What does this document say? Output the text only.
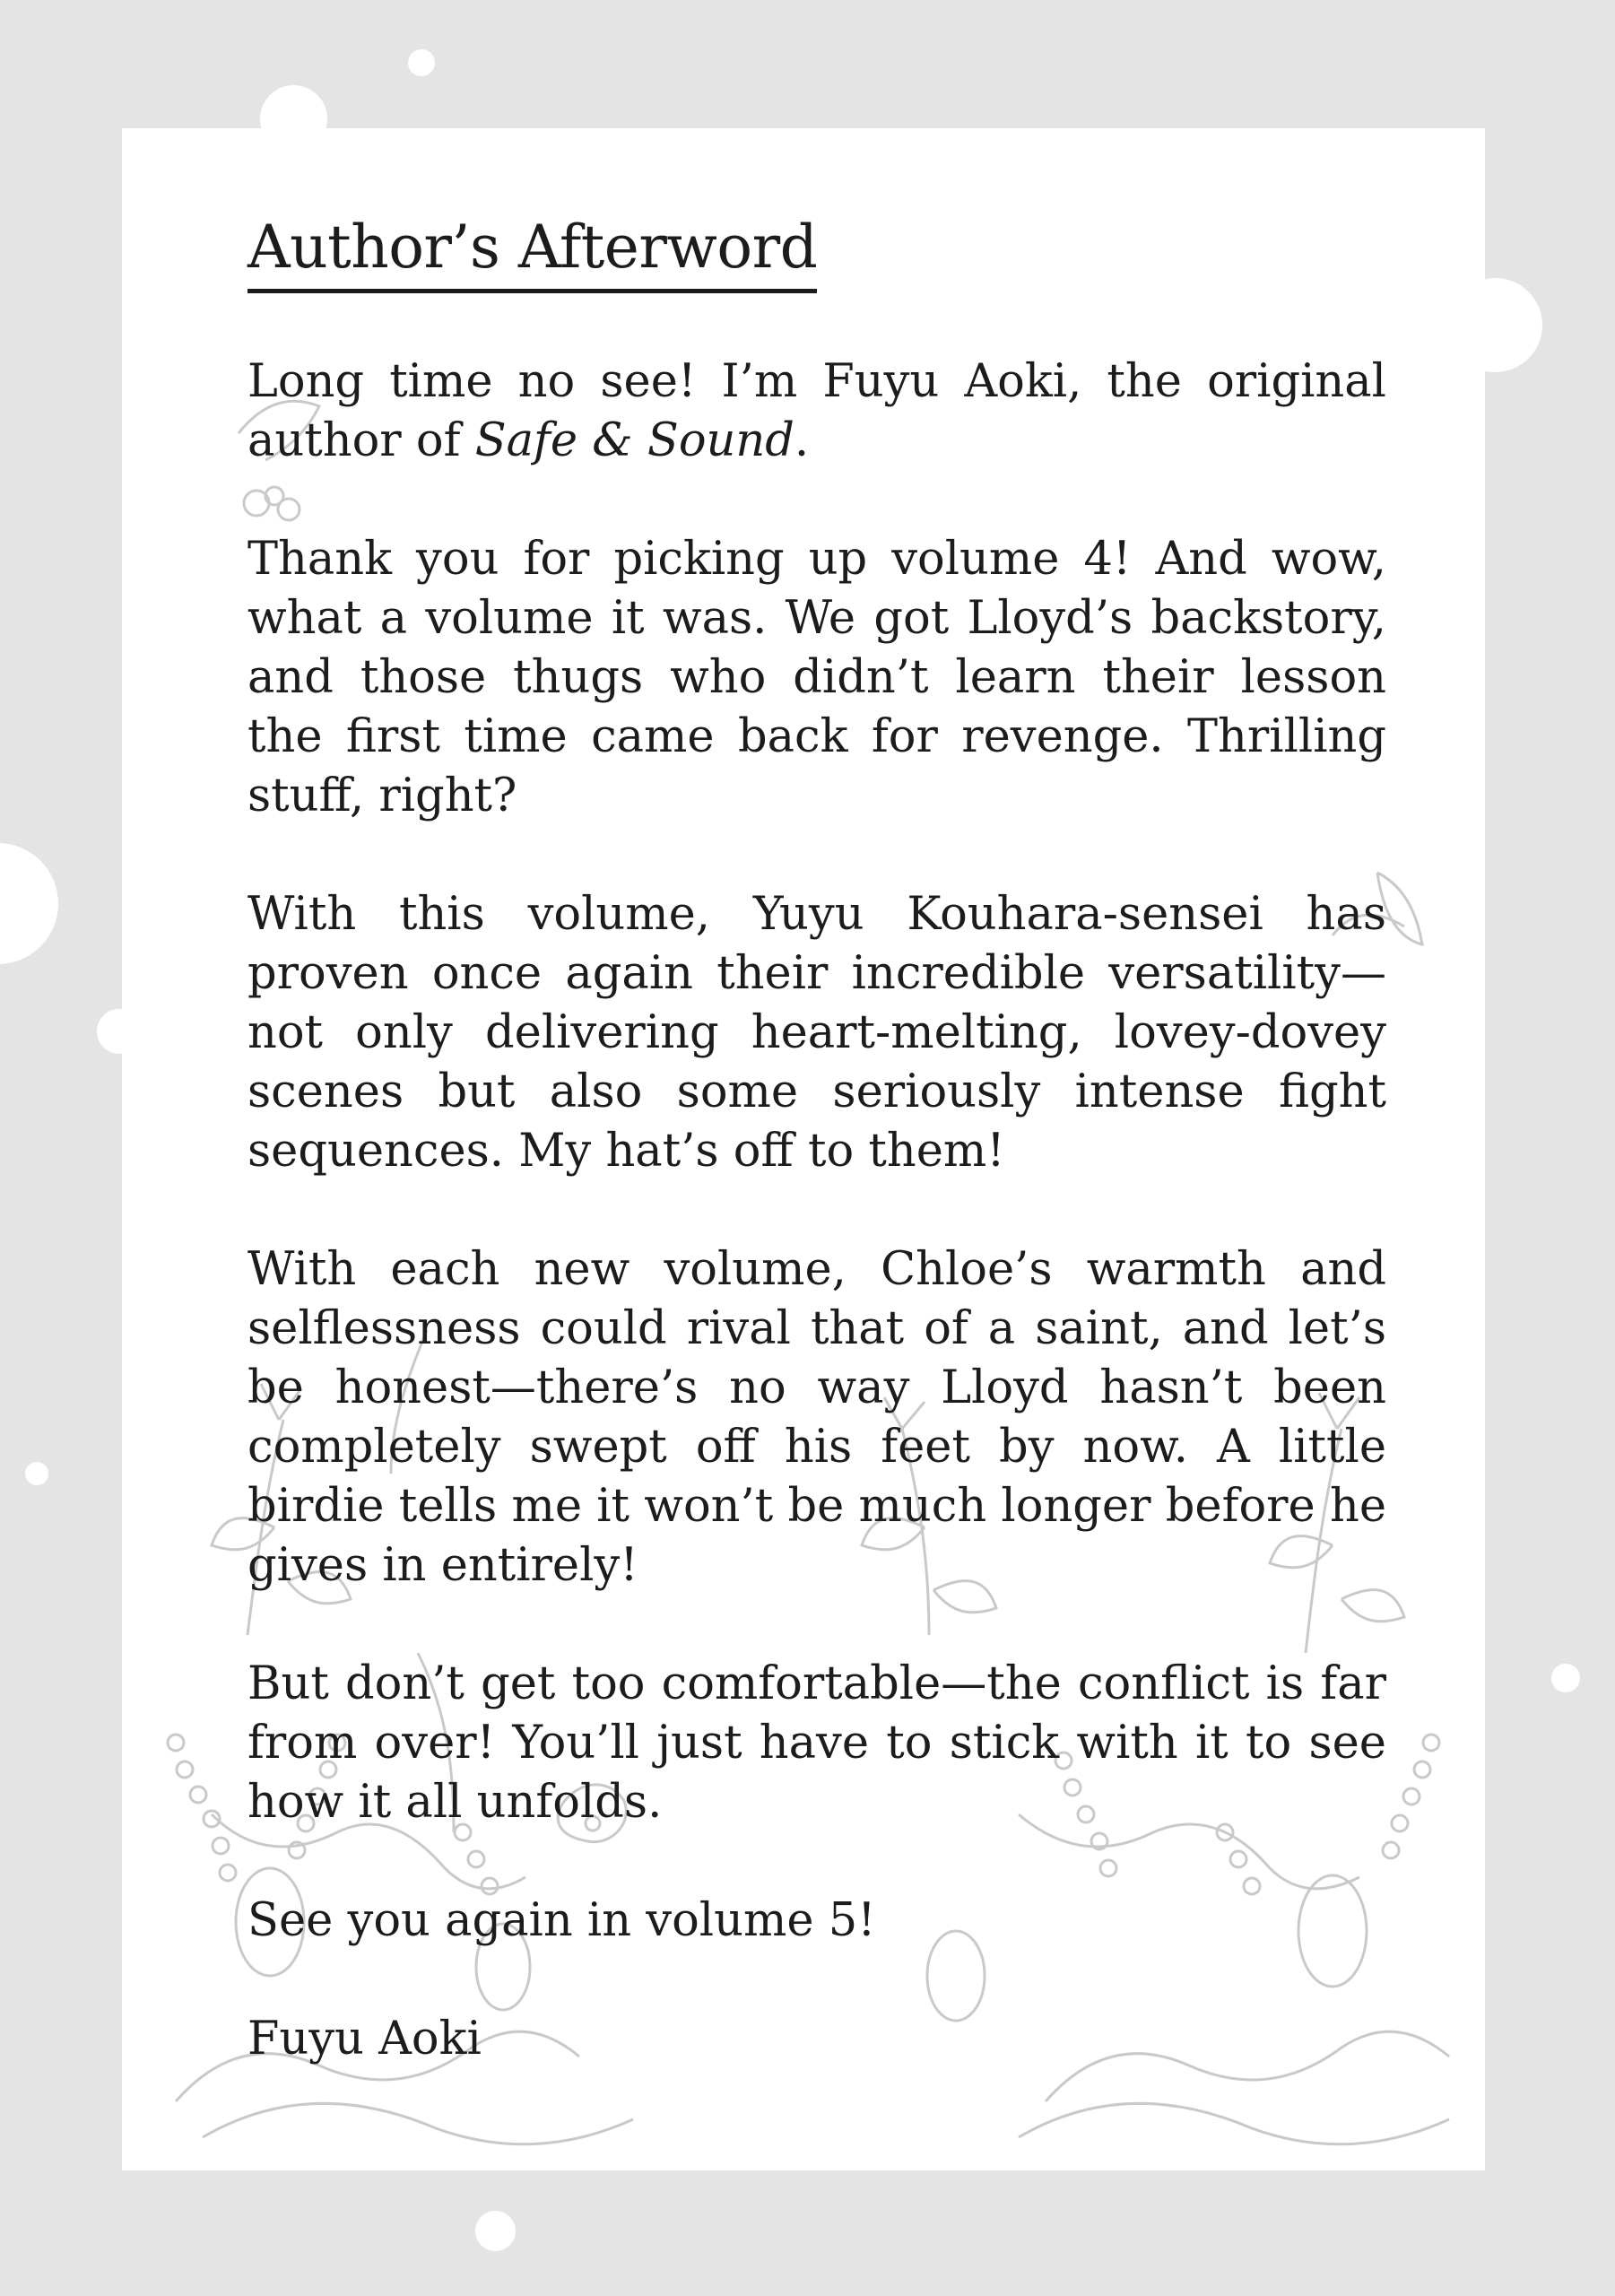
Author’s Afterword

Long time no see! I’m Fuyu Aoki, the original author of Safe & Sound.

Thank you for picking up volume 4! And wow, what a volume it was. We got Lloyd’s backstory, and those thugs who didn’t learn their lesson the first time came back for revenge. Thrilling stuff, right?

With this volume, Yuyu Kouhara-sensei has proven once again their incredible versatility—not only delivering heart-melting, lovey-dovey scenes but also some seriously intense fight sequences. My hat’s off to them!

With each new volume, Chloe’s warmth and selflessness could rival that of a saint, and let’s be honest—there’s no way Lloyd hasn’t been completely swept off his feet by now. A little birdie tells me it won’t be much longer before he gives in entirely!

But don’t get too comfortable—the conflict is far from over! You’ll just have to stick with it to see how it all unfolds.

See you again in volume 5!

Fuyu Aoki
